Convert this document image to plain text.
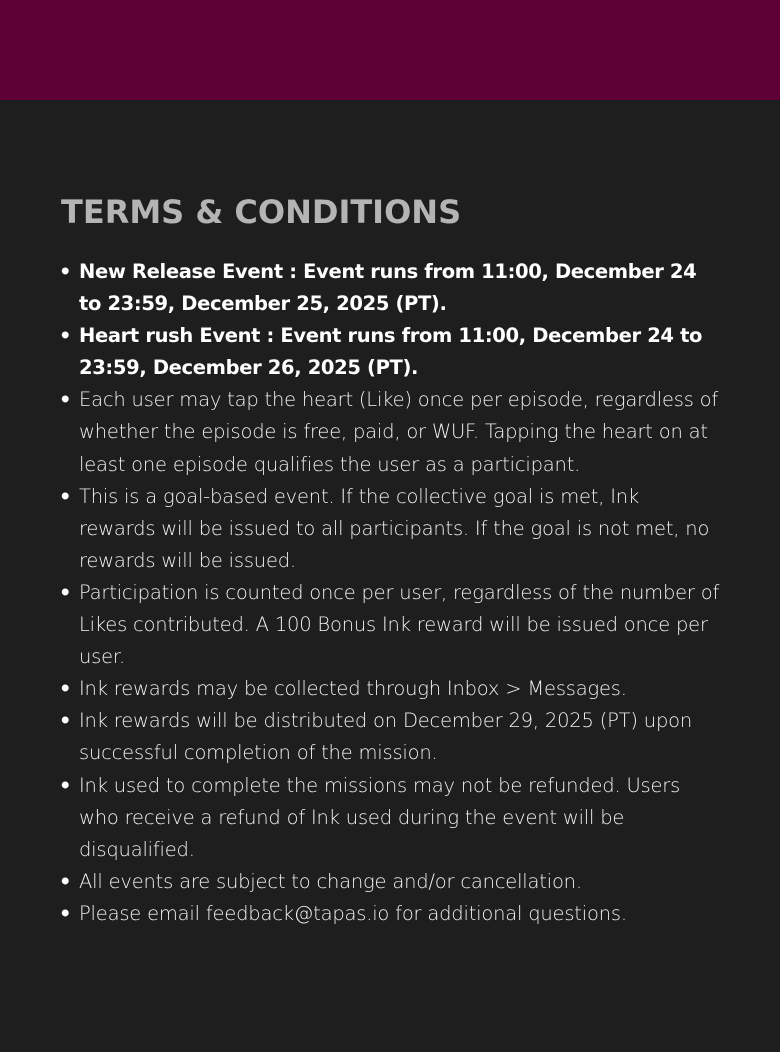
TERMS & CONDITIONS
• New Release Event : Event runs from 11:00, December 24 to 23:59, December 25, 2025 (PT).
• Heart rush Event : Event runs from 11:00, December 24 to 23:59, December 26, 2025 (PT).
• Each user may tap the heart (Like) once per episode, regardless of whether the episode is free, paid, or WUF. Tapping the heart on at least one episode qualifies the user as a participant.
• This is a goal-based event. If the collective goal is met, Ink rewards will be issued to all participants. If the goal is not met, no rewards will be issued.
• Participation is counted once per user, regardless of the number of Likes contributed. A 100 Bonus Ink reward will be issued once per user.
• Ink rewards may be collected through Inbox > Messages.
• Ink rewards will be distributed on December 29, 2025 (PT) upon successful completion of the mission.
• Ink used to complete the missions may not be refunded. Users who receive a refund of Ink used during the event will be disqualified.
• All events are subject to change and/or cancellation.
• Please email feedback@tapas.io for additional questions.
